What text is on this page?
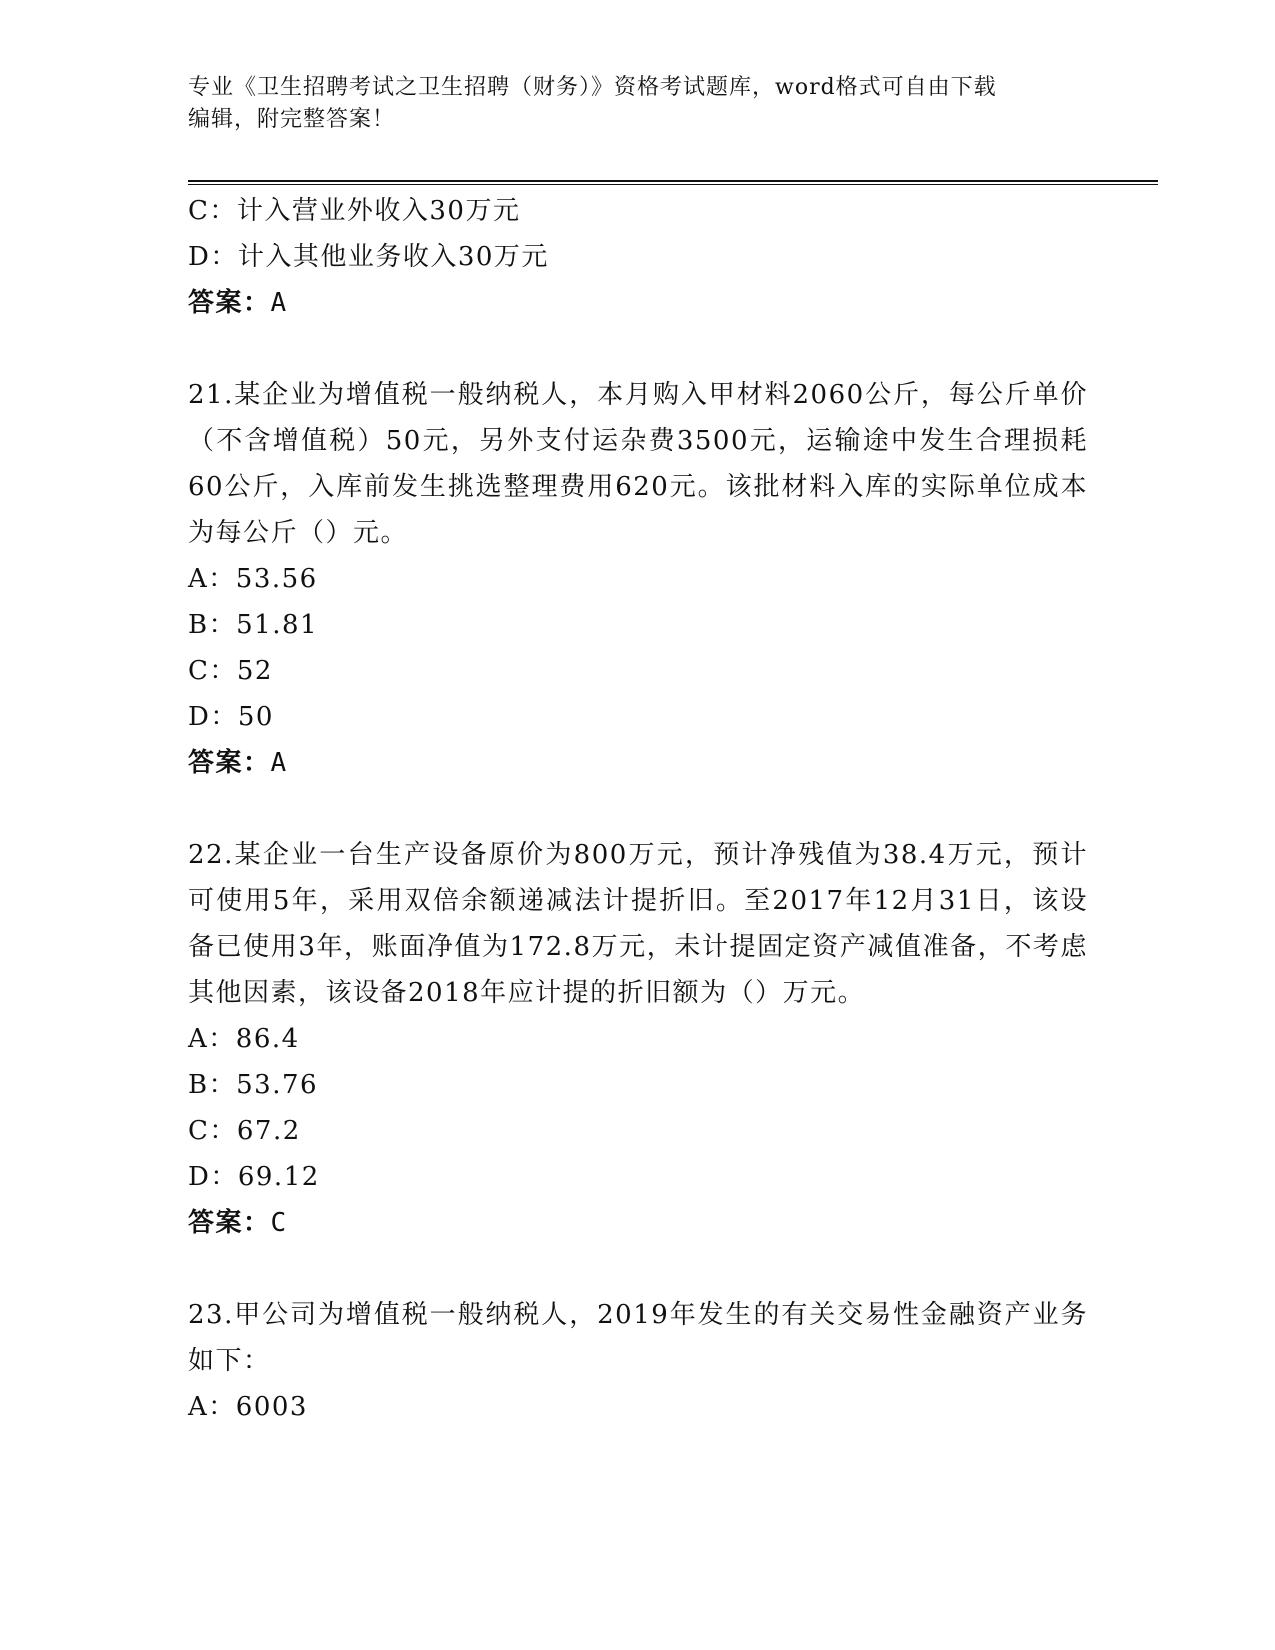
专业《卫生招聘考试之卫生招聘（财务）》资格考试题库，word格式可自由下载
编辑，附完整答案！
C：计入营业外收入30万元
D：计入其他业务收入30万元
答案：A
21.某企业为增值税一般纳税人，本月购入甲材料2060公斤，每公斤单价（不含增值税）50元，另外支付运杂费3500元，运输途中发生合理损耗60公斤，入库前发生挑选整理费用620元。该批材料入库的实际单位成本为每公斤（）元。
A：53.56
B：51.81
C：52
D：50
答案：A
22.某企业一台生产设备原价为800万元，预计净残值为38.4万元，预计可使用5年，采用双倍余额递减法计提折旧。至2017年12月31日，该设备已使用3年，账面净值为172.8万元，未计提固定资产减值准备，不考虑其他因素，该设备2018年应计提的折旧额为（）万元。
A：86.4
B：53.76
C：67.2
D：69.12
答案：C
23.甲公司为增值税一般纳税人，2019年发生的有关交易性金融资产业务如下：
A：6003
